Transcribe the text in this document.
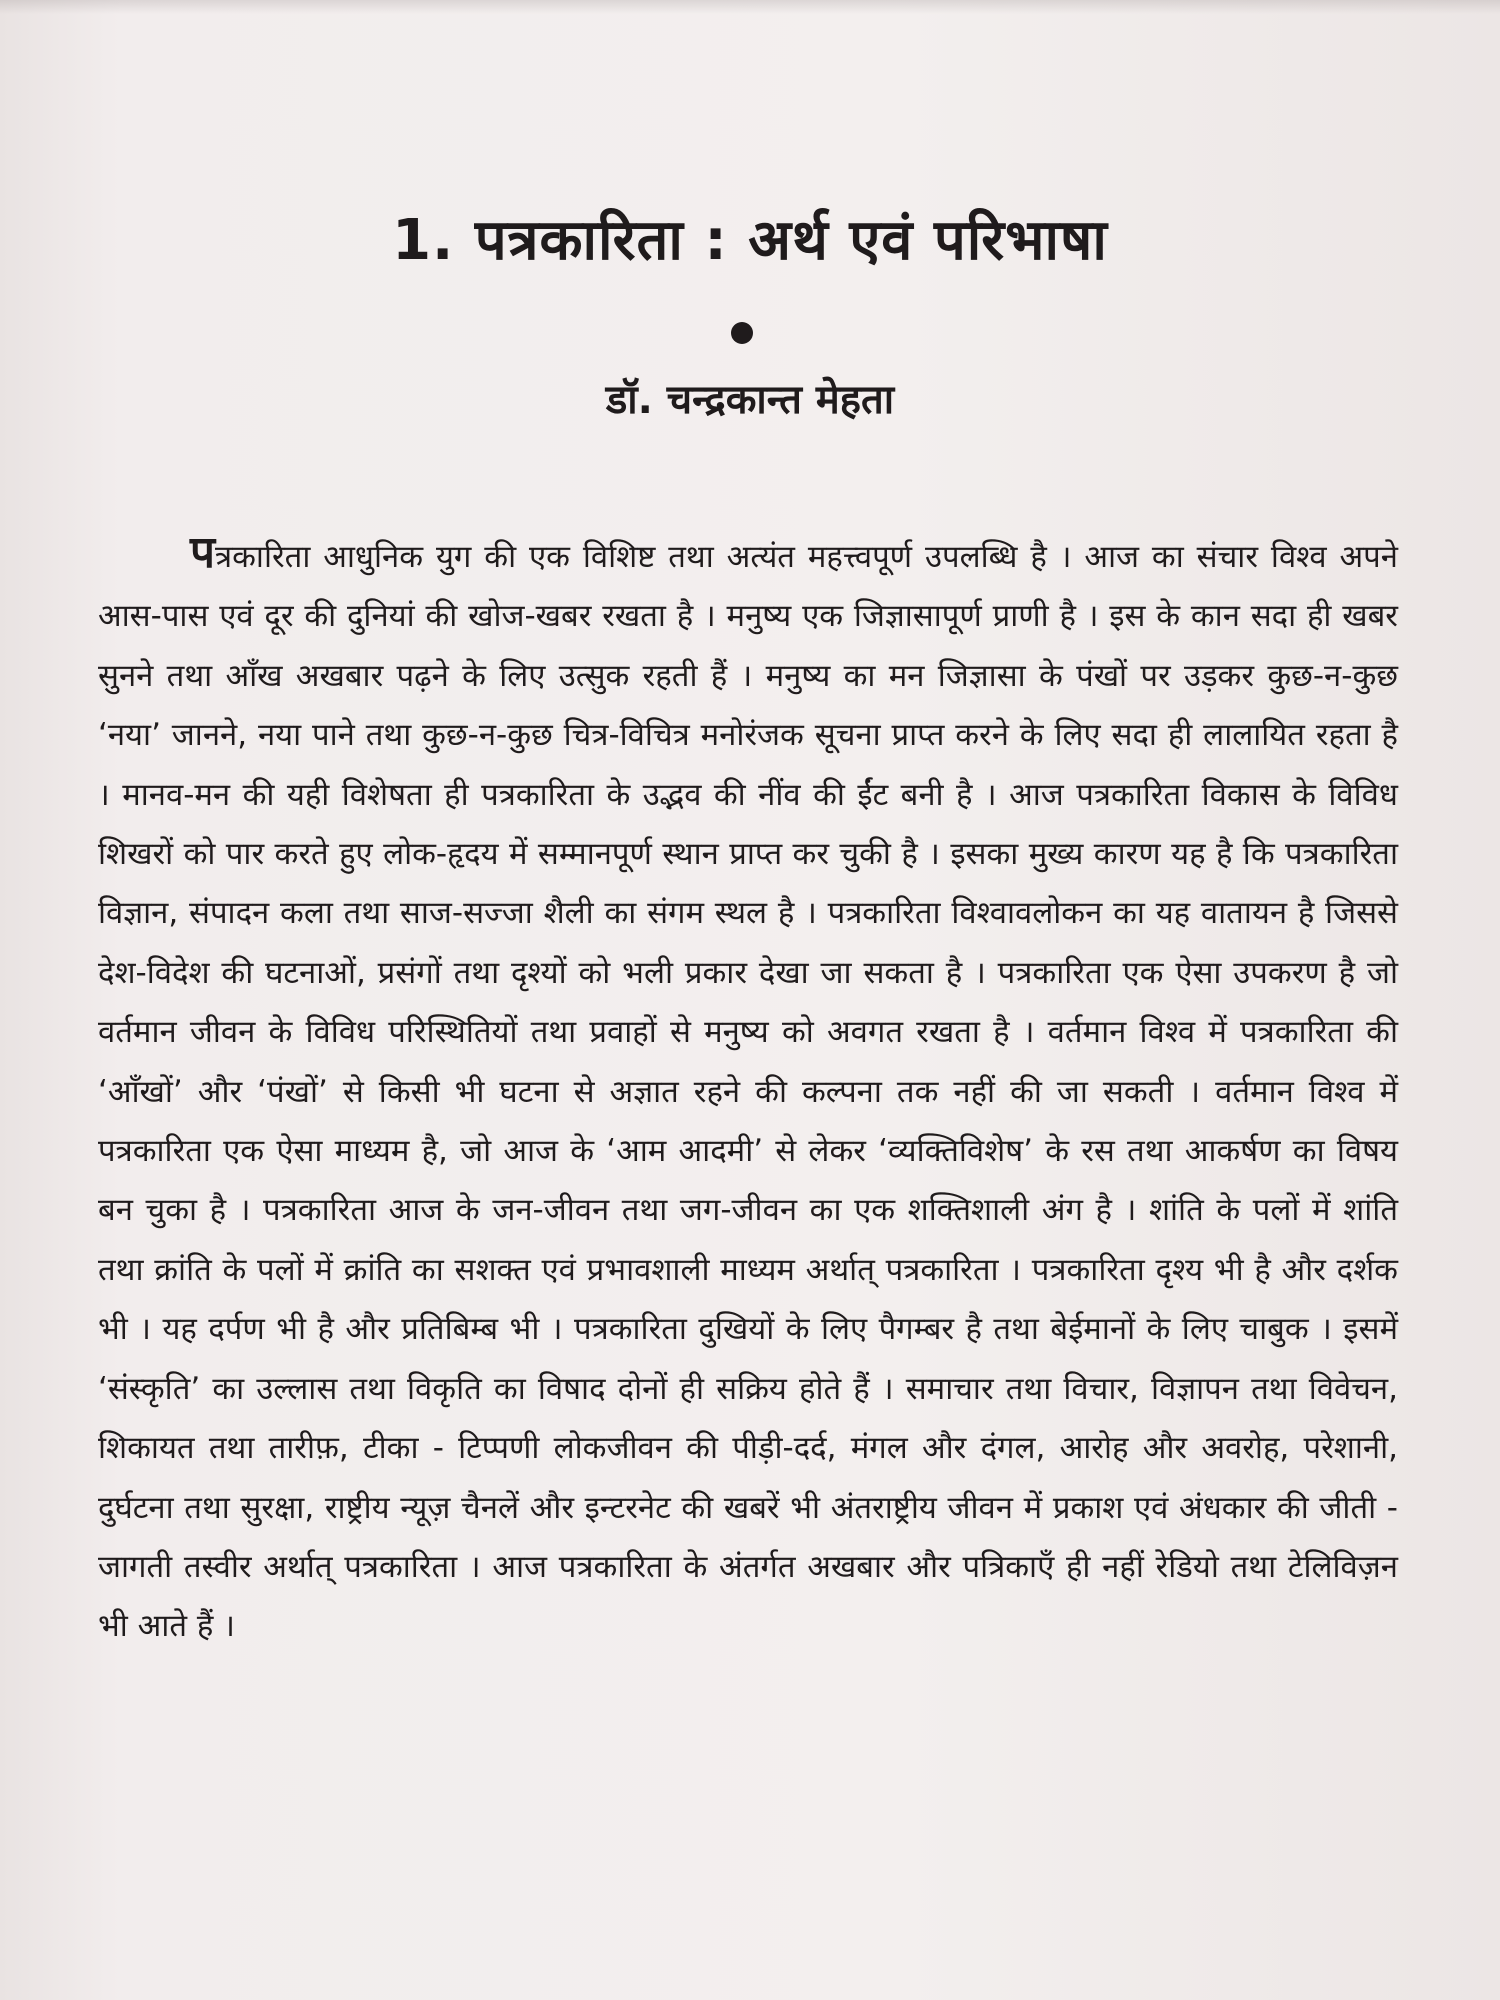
1. पत्रकारिता : अर्थ एवं परिभाषा
डॉ. चन्द्रकान्त मेहता

पत्रकारिता आधुनिक युग की एक विशिष्ट तथा अत्यंत महत्त्वपूर्ण उपलब्धि है । आज का संचार विश्व अपने आस-पास एवं दूर की दुनियां की खोज-खबर रखता है । मनुष्य एक जिज्ञासापूर्ण प्राणी है । इस के कान सदा ही खबर सुनने तथा आँख अखबार पढ़ने के लिए उत्सुक रहती हैं । मनुष्य का मन जिज्ञासा के पंखों पर उड़कर कुछ-न-कुछ ‘नया’ जानने, नया पाने तथा कुछ-न-कुछ चित्र-विचित्र मनोरंजक सूचना प्राप्त करने के लिए सदा ही लालायित रहता है । मानव-मन की यही विशेषता ही पत्रकारिता के उद्भव की नींव की ईंट बनी है । आज पत्रकारिता विकास के विविध शिखरों को पार करते हुए लोक-हृदय में सम्मानपूर्ण स्थान प्राप्त कर चुकी है । इसका मुख्य कारण यह है कि पत्रकारिता विज्ञान, संपादन कला तथा साज-सज्जा शैली का संगम स्थल है । पत्रकारिता विश्वावलोकन का यह वातायन है जिससे देश-विदेश की घटनाओं, प्रसंगों तथा दृश्यों को भली प्रकार देखा जा सकता है । पत्रकारिता एक ऐसा उपकरण है जो वर्तमान जीवन के विविध परिस्थितियों तथा प्रवाहों से मनुष्य को अवगत रखता है । वर्तमान विश्व में पत्रकारिता की ‘आँखों’ और ‘पंखों’ से किसी भी घटना से अज्ञात रहने की कल्पना तक नहीं की जा सकती । वर्तमान विश्व में पत्रकारिता एक ऐसा माध्यम है, जो आज के ‘आम आदमी’ से लेकर ‘व्यक्तिविशेष’ के रस तथा आकर्षण का विषय बन चुका है । पत्रकारिता आज के जन-जीवन तथा जग-जीवन का एक शक्तिशाली अंग है । शांति के पलों में शांति तथा क्रांति के पलों में क्रांति का सशक्त एवं प्रभावशाली माध्यम अर्थात् पत्रकारिता । पत्रकारिता दृश्य भी है और दर्शक भी । यह दर्पण भी है और प्रतिबिम्ब भी । पत्रकारिता दुखियों के लिए पैगम्बर है तथा बेईमानों के लिए चाबुक । इसमें ‘संस्कृति’ का उल्लास तथा विकृति का विषाद दोनों ही सक्रिय होते हैं । समाचार तथा विचार, विज्ञापन तथा विवेचन, शिकायत तथा तारीफ़, टीका - टिप्पणी लोकजीवन की पीड़ी-दर्द, मंगल और दंगल, आरोह और अवरोह, परेशानी, दुर्घटना तथा सुरक्षा, राष्ट्रीय न्यूज़ चैनलें और इन्टरनेट की खबरें भी अंतराष्ट्रीय जीवन में प्रकाश एवं अंधकार की जीती - जागती तस्वीर अर्थात् पत्रकारिता । आज पत्रकारिता के अंतर्गत अखबार और पत्रिकाएँ ही नहीं रेडियो तथा टेलिविज़न भी आते हैं ।
